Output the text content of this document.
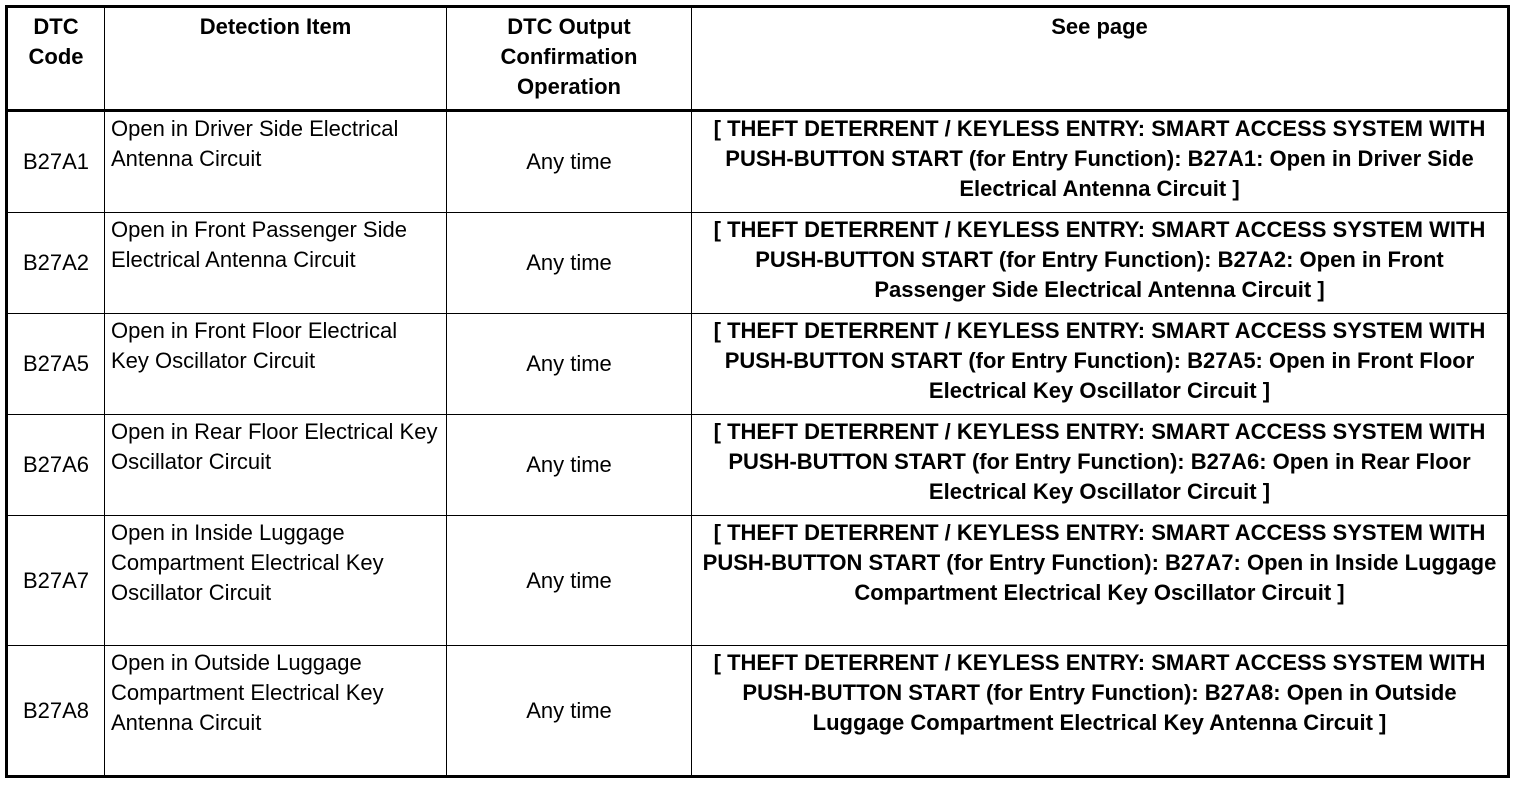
DTC Code	Detection Item	DTC Output Confirmation Operation	See page
B27A1	Open in Driver Side Electrical Antenna Circuit	Any time	[ THEFT DETERRENT / KEYLESS ENTRY: SMART ACCESS SYSTEM WITH PUSH-BUTTON START (for Entry Function): B27A1: Open in Driver Side Electrical Antenna Circuit ]
B27A2	Open in Front Passenger Side Electrical Antenna Circuit	Any time	[ THEFT DETERRENT / KEYLESS ENTRY: SMART ACCESS SYSTEM WITH PUSH-BUTTON START (for Entry Function): B27A2: Open in Front Passenger Side Electrical Antenna Circuit ]
B27A5	Open in Front Floor Electrical Key Oscillator Circuit	Any time	[ THEFT DETERRENT / KEYLESS ENTRY: SMART ACCESS SYSTEM WITH PUSH-BUTTON START (for Entry Function): B27A5: Open in Front Floor Electrical Key Oscillator Circuit ]
B27A6	Open in Rear Floor Electrical Key Oscillator Circuit	Any time	[ THEFT DETERRENT / KEYLESS ENTRY: SMART ACCESS SYSTEM WITH PUSH-BUTTON START (for Entry Function): B27A6: Open in Rear Floor Electrical Key Oscillator Circuit ]
B27A7	Open in Inside Luggage Compartment Electrical Key Oscillator Circuit	Any time	[ THEFT DETERRENT / KEYLESS ENTRY: SMART ACCESS SYSTEM WITH PUSH-BUTTON START (for Entry Function): B27A7: Open in Inside Luggage Compartment Electrical Key Oscillator Circuit ]
B27A8	Open in Outside Luggage Compartment Electrical Key Antenna Circuit	Any time	[ THEFT DETERRENT / KEYLESS ENTRY: SMART ACCESS SYSTEM WITH PUSH-BUTTON START (for Entry Function): B27A8: Open in Outside Luggage Compartment Electrical Key Antenna Circuit ]
